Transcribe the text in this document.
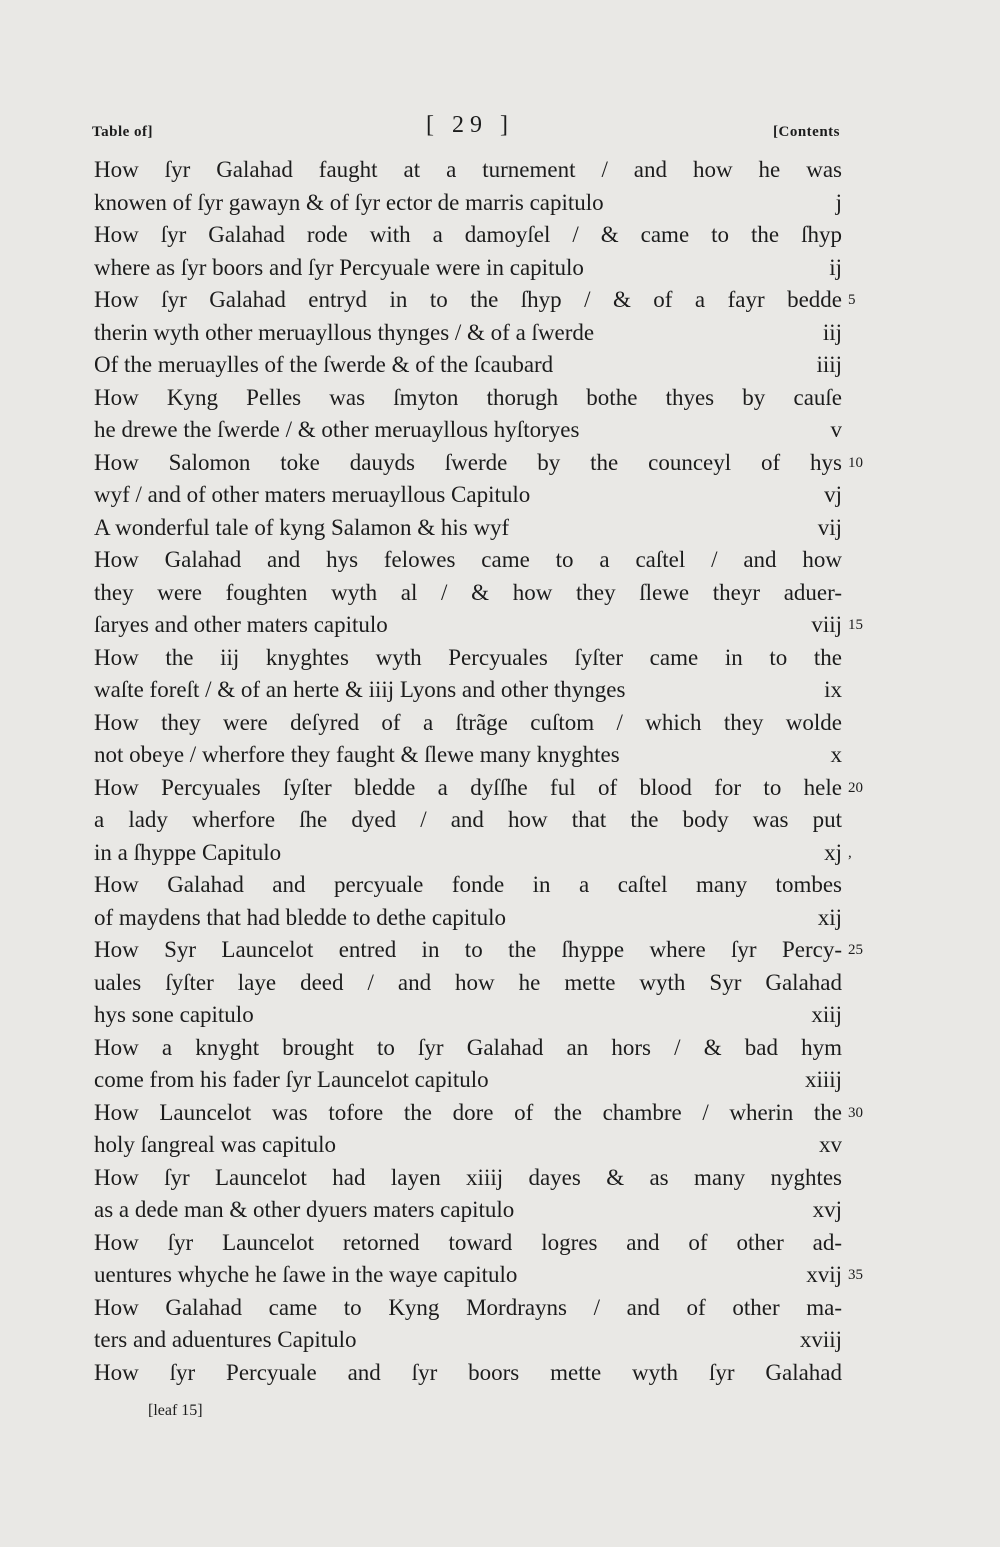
Table of]	[ 29 ]	[Contents
How ſyr Galahad faught at a turnement / and how he was
knowen of ſyr gawayn & of ſyr ector de marris capitulo	j
How ſyr Galahad rode with a damoyſel / & came to the ſhyp
where as ſyr boors and ſyr Percyuale were in capitulo	ij
How ſyr Galahad entryd in to the ſhyp / & of a fayr bedde 5
therin wyth other meruayllous thynges / & of a ſwerde	iij
Of the meruaylles of the ſwerde & of the ſcaubard	iiij
How Kyng Pelles was ſmyton thorugh bothe thyes by cauſe
he drewe the ſwerde / & other meruayllous hyſtoryes	v
How Salomon toke dauyds ſwerde by the counceyl of hys 10
wyf / and of other maters meruayllous Capitulo	vj
A wonderful tale of kyng Salamon & his wyf	vij
How Galahad and hys felowes came to a caſtel / and how
they were foughten wyth al / & how they ſlewe theyr aduer-
ſaryes and other maters capitulo	viij 15
How the iij knyghtes wyth Percyuales ſyſter came in to the
waſte foreſt / & of an herte & iiij Lyons and other thynges	ix
How they were deſyred of a ſtrãge cuſtom / which they wolde
not obeye / wherfore they faught & ſlewe many knyghtes	x
How Percyuales ſyſter bledde a dyſſhe ful of blood for to hele 20
a lady wherfore ſhe dyed / and how that the body was put
in a ſhyppe Capitulo	xj ,
How Galahad and percyuale fonde in a caſtel many tombes
of maydens that had bledde to dethe capitulo	xij
How Syr Launcelot entred in to the ſhyppe where ſyr Percy- 25
uales ſyſter laye deed / and how he mette wyth Syr Galahad
hys sone capitulo	xiij
How a knyght brought to ſyr Galahad an hors / & bad hym
come from his fader ſyr Launcelot capitulo	xiiij
How Launcelot was tofore the dore of the chambre / wherin the 30
holy ſangreal was capitulo	xv
How ſyr Launcelot had layen xiiij dayes & as many nyghtes
as a dede man & other dyuers maters capitulo	xvj
How ſyr Launcelot retorned toward logres and of other ad-
uentures whyche he ſawe in the waye capitulo	xvij 35
How Galahad came to Kyng Mordrayns / and of other ma-
ters and aduentures Capitulo	xviij
How ſyr Percyuale and ſyr boors mette wyth ſyr Galahad
[leaf 15]
